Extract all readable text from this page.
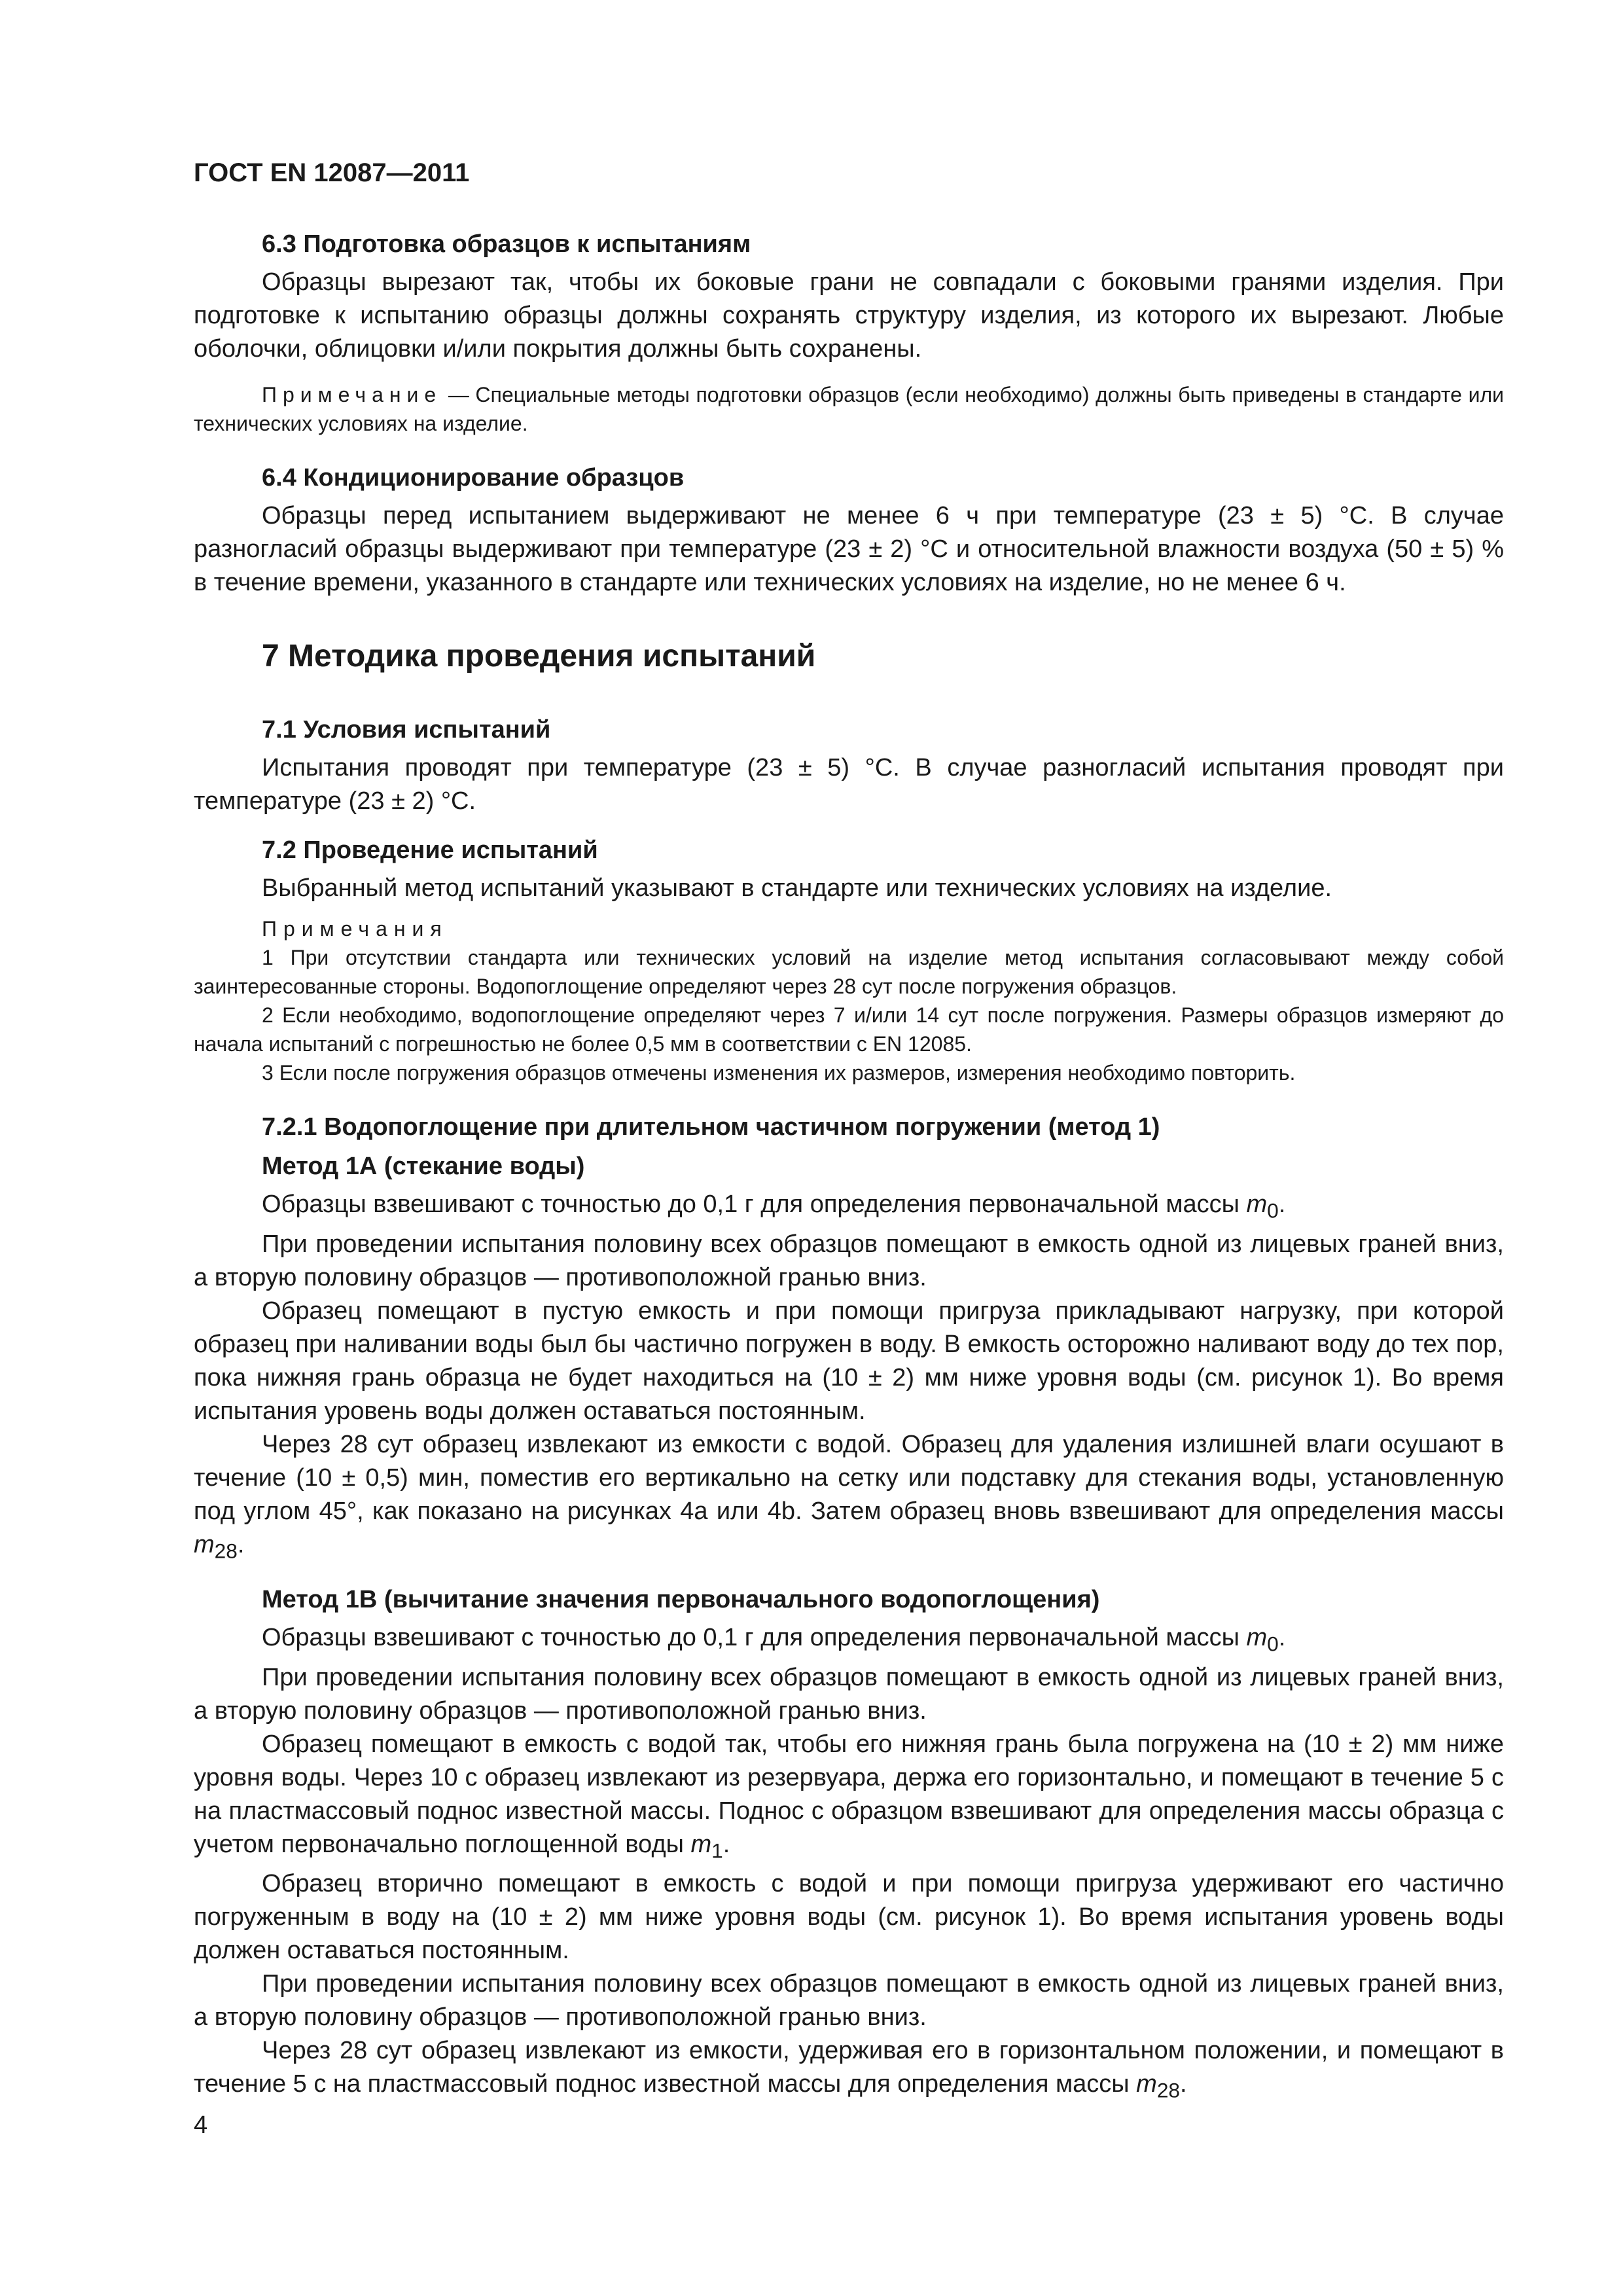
ГОСТ EN 12087—2011
6.3 Подготовка образцов к испытаниям

Образцы вырезают так, чтобы их боковые грани не совпадали с боковыми гранями изделия. При подготовке к испытанию образцы должны сохранять структуру изделия, из которого их вырезают. Любые оболочки, облицовки и/или покрытия должны быть сохранены.

Примечание — Специальные методы подготовки образцов (если необходимо) должны быть приведены в стандарте или технических условиях на изделие.

6.4 Кондиционирование образцов

Образцы перед испытанием выдерживают не менее 6 ч при температуре (23 ± 5) °С. В случае разногласий образцы выдерживают при температуре (23 ± 2) °С и относительной влажности воздуха (50 ± 5) % в течение времени, указанного в стандарте или технических условиях на изделие, но не менее 6 ч.

7 Методика проведения испытаний
7.1 Условия испытаний

Испытания проводят при температуре (23 ± 5) °С. В случае разногласий испытания проводят при температуре (23 ± 2) °С.

7.2 Проведение испытаний

Выбранный метод испытаний указывают в стандарте или технических условиях на изделие.

Примечания

1 При отсутствии стандарта или технических условий на изделие метод испытания согласовывают между собой заинтересованные стороны. Водопоглощение определяют через 28 сут после погружения образцов.

2 Если необходимо, водопоглощение определяют через 7 и/или 14 сут после погружения. Размеры образцов измеряют до начала испытаний с погрешностью не более 0,5 мм в соответствии с EN 12085.

3 Если после погружения образцов отмечены изменения их размеров, измерения необходимо повторить.

7.2.1 Водопоглощение при длительном частичном погружении (метод 1)
Метод 1А (стекание воды)

Образцы взвешивают с точностью до 0,1 г для определения первоначальной массы $m_0$.

При проведении испытания половину всех образцов помещают в емкость одной из лицевых граней вниз, а вторую половину образцов — противоположной гранью вниз.

Образец помещают в пустую емкость и при помощи пригруза прикладывают нагрузку, при которой образец при наливании воды был бы частично погружен в воду. В емкость осторожно наливают воду до тех пор, пока нижняя грань образца не будет находиться на (10 ± 2) мм ниже уровня воды (см. рисунок 1). Во время испытания уровень воды должен оставаться постоянным.

Через 28 сут образец извлекают из емкости с водой. Образец для удаления излишней влаги осушают в течение (10 ± 0,5) мин, поместив его вертикально на сетку или подставку для стекания воды, установленную под углом 45°, как показано на рисунках 4а или 4b. Затем образец вновь взвешивают для определения массы $m_{28}$.

Метод 1В (вычитание значения первоначального водопоглощения)

Образцы взвешивают с точностью до 0,1 г для определения первоначальной массы $m_0$.

При проведении испытания половину всех образцов помещают в емкость одной из лицевых граней вниз, а вторую половину образцов — противоположной гранью вниз.

Образец помещают в емкость с водой так, чтобы его нижняя грань была погружена на (10 ± 2) мм ниже уровня воды. Через 10 с образец извлекают из резервуара, держа его горизонтально, и помещают в течение 5 с на пластмассовый поднос известной массы. Поднос с образцом взвешивают для определения массы образца с учетом первоначально поглощенной воды $m_1$.

Образец вторично помещают в емкость с водой и при помощи пригруза удерживают его частично погруженным в воду на (10 ± 2) мм ниже уровня воды (см. рисунок 1). Во время испытания уровень воды должен оставаться постоянным.

При проведении испытания половину всех образцов помещают в емкость одной из лицевых граней вниз, а вторую половину образцов — противоположной гранью вниз.

Через 28 сут образец извлекают из емкости, удерживая его в горизонтальном положении, и помещают в течение 5 с на пластмассовый поднос известной массы для определения массы $m_{28}$.

4
